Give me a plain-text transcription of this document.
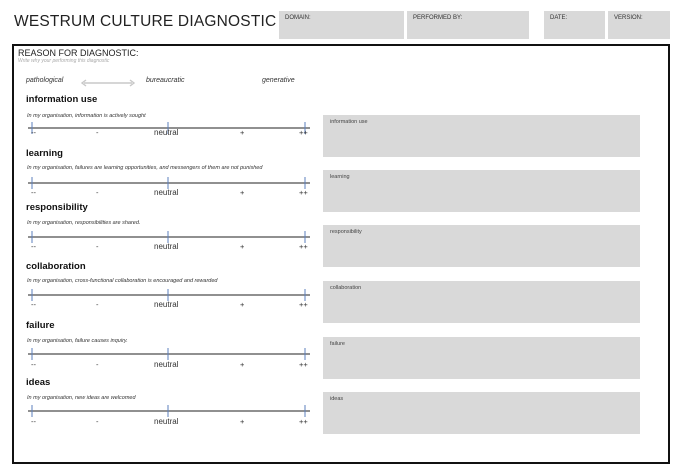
WESTRUM CULTURE DIAGNOSTIC	DOMAIN:	PERFORMED BY:	DATE:	VERSION:
REASON FOR DIAGNOSTIC:
Write why your performing this diagnostic
pathological	bureaucratic	generative
information use
In my organisation, information is actively sought
--	-	neutral	+	++
information use
learning
In my organisation, failures are learning opportunities, and messengers of them are not punished
--	-	neutral	+	++
learning
responsibility
In my organisation, responsibilities are shared.
--	-	neutral	+	++
responsibility
collaboration
In my organisation, cross-functional collaboration is encouraged and rewarded
--	-	neutral	+	++
collaboration
failure
In my organisation, failure causes inquiry.
--	-	neutral	+	++
failure
ideas
In my organisation, new ideas are welcomed
--	-	neutral	+	++
ideas
